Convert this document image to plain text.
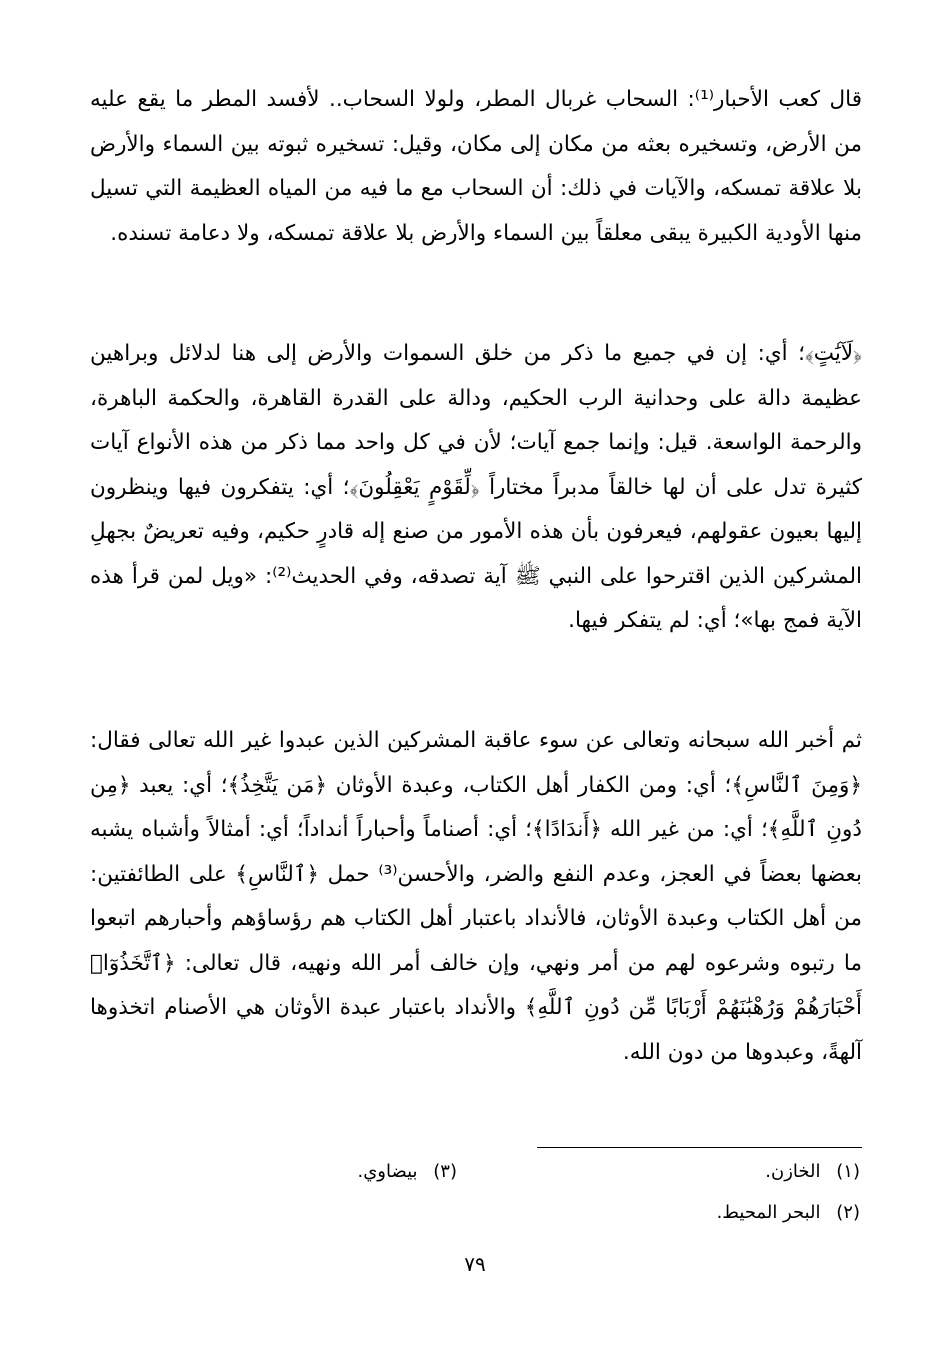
قال كعب الأحبار⁽¹⁾: السحاب غربال المطر، ولولا السحاب.. لأفسد المطر ما يقع عليه من الأرض، وتسخيره بعثه من مكان إلى مكان، وقيل: تسخيره ثبوته بين السماء والأرض بلا علاقة تمسكه، والآيات في ذلك: أن السحاب مع ما فيه من المياه العظيمة التي تسيل منها الأودية الكبيرة يبقى معلقاً بين السماء والأرض بلا علاقة تمسكه، ولا دعامة تسنده.

﴿لَآيَٰتٍ﴾؛ أي: إن في جميع ما ذكر من خلق السموات والأرض إلى هنا لدلائل وبراهين عظيمة دالة على وحدانية الرب الحكيم، ودالة على القدرة القاهرة، والحكمة الباهرة، والرحمة الواسعة. قيل: وإنما جمع آيات؛ لأن في كل واحد مما ذكر من هذه الأنواع آيات كثيرة تدل على أن لها خالقاً مدبراً مختاراً ﴿لِّقَوْمٍ يَعْقِلُونَ﴾؛ أي: يتفكرون فيها وينظرون إليها بعيون عقولهم، فيعرفون بأن هذه الأمور من صنع إله قادرٍ حكيم، وفيه تعريضٌ بجهلِ المشركين الذين اقترحوا على النبي ﷺ آية تصدقه، وفي الحديث⁽²⁾: «ويل لمن قرأ هذه الآية فمج بها»؛ أي: لم يتفكر فيها.

ثم أخبر الله سبحانه وتعالى عن سوء عاقبة المشركين الذين عبدوا غير الله تعالى فقال: ﴿وَمِنَ ٱلنَّاسِ﴾؛ أي: ومن الكفار أهل الكتاب، وعبدة الأوثان ﴿مَن يَتَّخِذُ﴾؛ أي: يعبد ﴿مِن دُونِ ٱللَّهِ﴾؛ أي: من غير الله ﴿أَندَادًا﴾؛ أي: أصناماً وأحباراً أنداداً؛ أي: أمثالاً وأشباه يشبه بعضها بعضاً في العجز، وعدم النفع والضر، والأحسن⁽³⁾ حمل ﴿ٱلنَّاسِ﴾ على الطائفتين: من أهل الكتاب وعبدة الأوثان، فالأنداد باعتبار أهل الكتاب هم رؤساؤهم وأحبارهم اتبعوا ما رتبوه وشرعوه لهم من أمر ونهي، وإن خالف أمر الله ونهيه، قال تعالى: ﴿ٱتَّخَذُوٓا۟ أَحْبَارَهُمْ وَرُهْبَٰنَهُمْ أَرْبَابًا مِّن دُونِ ٱللَّهِ﴾ والأنداد باعتبار عبدة الأوثان هي الأصنام اتخذوها آلهةً، وعبدوها من دون الله.

(١) الخازن.
(٢) البحر المحيط.
(٣) بيضاوي.
٧٩
